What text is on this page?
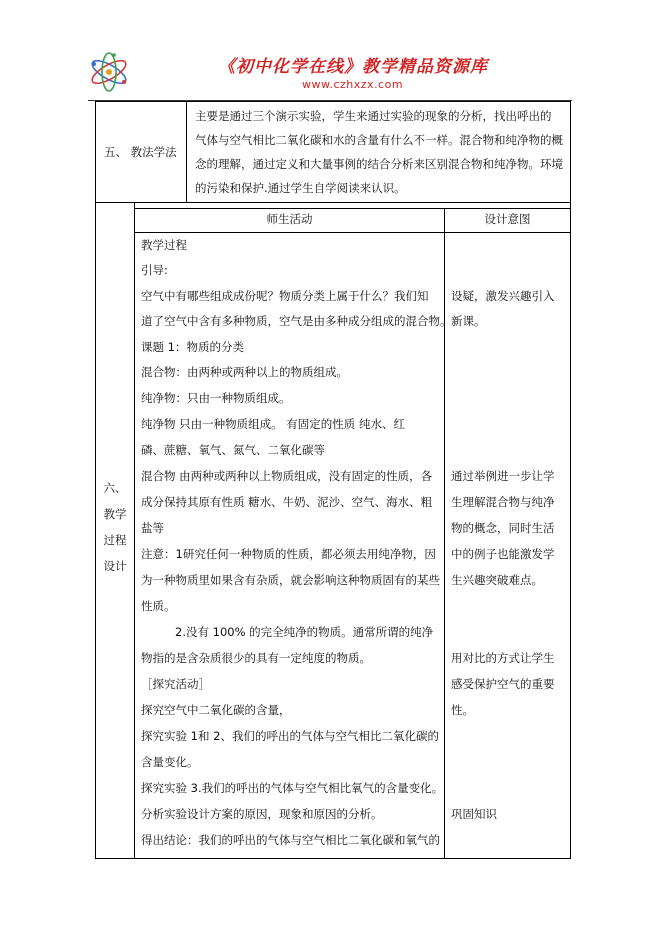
《初中化学在线》教学精品资源库
www.czhxzx.com
五、 教法学法
主要是通过三个演示实验，学生来通过实验的现象的分析，找出呼出的
气体与空气相比二氧化碳和水的含量有什么不一样。混合物和纯净物的概
念的理解，通过定义和大量事例的结合分析来区别混合物和纯净物。环境
的污染和保护.通过学生自学阅读来认识。
六、
教学
过程
设计
师生活动	设计意图
教学过程
引导:
空气中有哪些组成成份呢？物质分类上属于什么？我们知
道了空气中含有多种物质，空气是由多种成分组成的混合物。
课题 1：物质的分类
混合物：由两种或两种以上的物质组成。
纯净物：只由一种物质组成。
纯净物 只由一种物质组成。 有固定的性质 纯水、红
磷、蔗糖、氧气、氮气、二氧化碳等
混合物 由两种或两种以上物质组成，没有固定的性质，各
成分保持其原有性质 糖水、牛奶、泥沙、空气、海水、粗
盐等
注意：1研究任何一种物质的性质，都必须去用纯净物，因
为一种物质里如果含有杂质，就会影响这种物质固有的某些
性质。
2.没有 100% 的完全纯净的物质。通常所谓的纯净
物指的是含杂质很少的具有一定纯度的物质。
［探究活动］
探究空气中二氧化碳的含量，
探究实验 1和 2、我们的呼出的气体与空气相比二氧化碳的
含量变化。
探究实验 3.我们的呼出的气体与空气相比氧气的含量变化。
分析实验设计方案的原因，现象和原因的分析。
得出结论：我们的呼出的气体与空气相比二氧化碳和氧气的
设疑，激发兴趣引入
新课。
通过举例进一步让学
生理解混合物与纯净
物的概念，同时生活
中的例子也能激发学
生兴趣突破难点。
用对比的方式让学生
感受保护空气的重要
性。
巩固知识
